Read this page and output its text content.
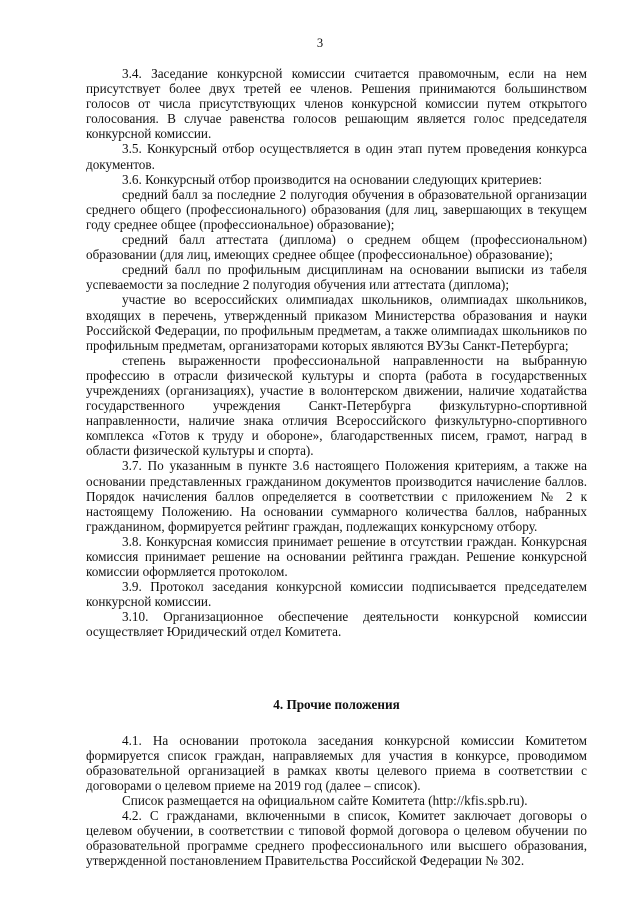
3

3.4. Заседание конкурсной комиссии считается правомочным, если на нем присутствует более двух третей ее членов. Решения принимаются большинством голосов от числа присутствующих членов конкурсной комиссии путем открытого голосования. В случае равенства голосов решающим является голос председателя конкурсной комиссии.

3.5. Конкурсный отбор осуществляется в один этап путем проведения конкурса документов.

3.6. Конкурсный отбор производится на основании следующих критериев:

средний балл за последние 2 полугодия обучения в образовательной организации среднего общего (профессионального) образования (для лиц, завершающих в текущем году среднее общее (профессиональное) образование);

средний балл аттестата (диплома) о среднем общем (профессиональном) образовании (для лиц, имеющих среднее общее (профессиональное) образование);

средний балл по профильным дисциплинам на основании выписки из табеля успеваемости за последние 2 полугодия обучения или аттестата (диплома);

участие во всероссийских олимпиадах школьников, олимпиадах школьников, входящих в перечень, утвержденный приказом Министерства образования и науки Российской Федерации, по профильным предметам, а также олимпиадах школьников по профильным предметам, организаторами которых являются ВУЗы Санкт-Петербурга;

степень выраженности профессиональной направленности на выбранную профессию в отрасли физической культуры и спорта (работа в государственных учреждениях (организациях), участие в волонтерском движении, наличие ходатайства государственного учреждения Санкт-Петербурга физкультурно-спортивной направленности, наличие знака отличия Всероссийского физкультурно-спортивного комплекса «Готов к труду и обороне», благодарственных писем, грамот, наград в области физической культуры и спорта).

3.7. По указанным в пункте 3.6 настоящего Положения критериям, а также на основании представленных гражданином документов производится начисление баллов. Порядок начисления баллов определяется в соответствии с приложением № 2 к настоящему Положению. На основании суммарного количества баллов, набранных гражданином, формируется рейтинг граждан, подлежащих конкурсному отбору.

3.8. Конкурсная комиссия принимает решение в отсутствии граждан. Конкурсная комиссия принимает решение на основании рейтинга граждан. Решение конкурсной комиссии оформляется протоколом.

3.9. Протокол заседания конкурсной комиссии подписывается председателем конкурсной комиссии.

3.10. Организационное обеспечение деятельности конкурсной комиссии осуществляет Юридический отдел Комитета.

4. Прочие положения

4.1. На основании протокола заседания конкурсной комиссии Комитетом формируется список граждан, направляемых для участия в конкурсе, проводимом образовательной организацией в рамках квоты целевого приема в соответствии с договорами о целевом приеме на 2019 год (далее – список).

Список размещается на официальном сайте Комитета (http://kfis.spb.ru).

4.2. С гражданами, включенными в список, Комитет заключает договоры о целевом обучении, в соответствии с типовой формой договора о целевом обучении по образовательной программе среднего профессионального или высшего образования, утвержденной постановлением Правительства Российской Федерации № 302.
